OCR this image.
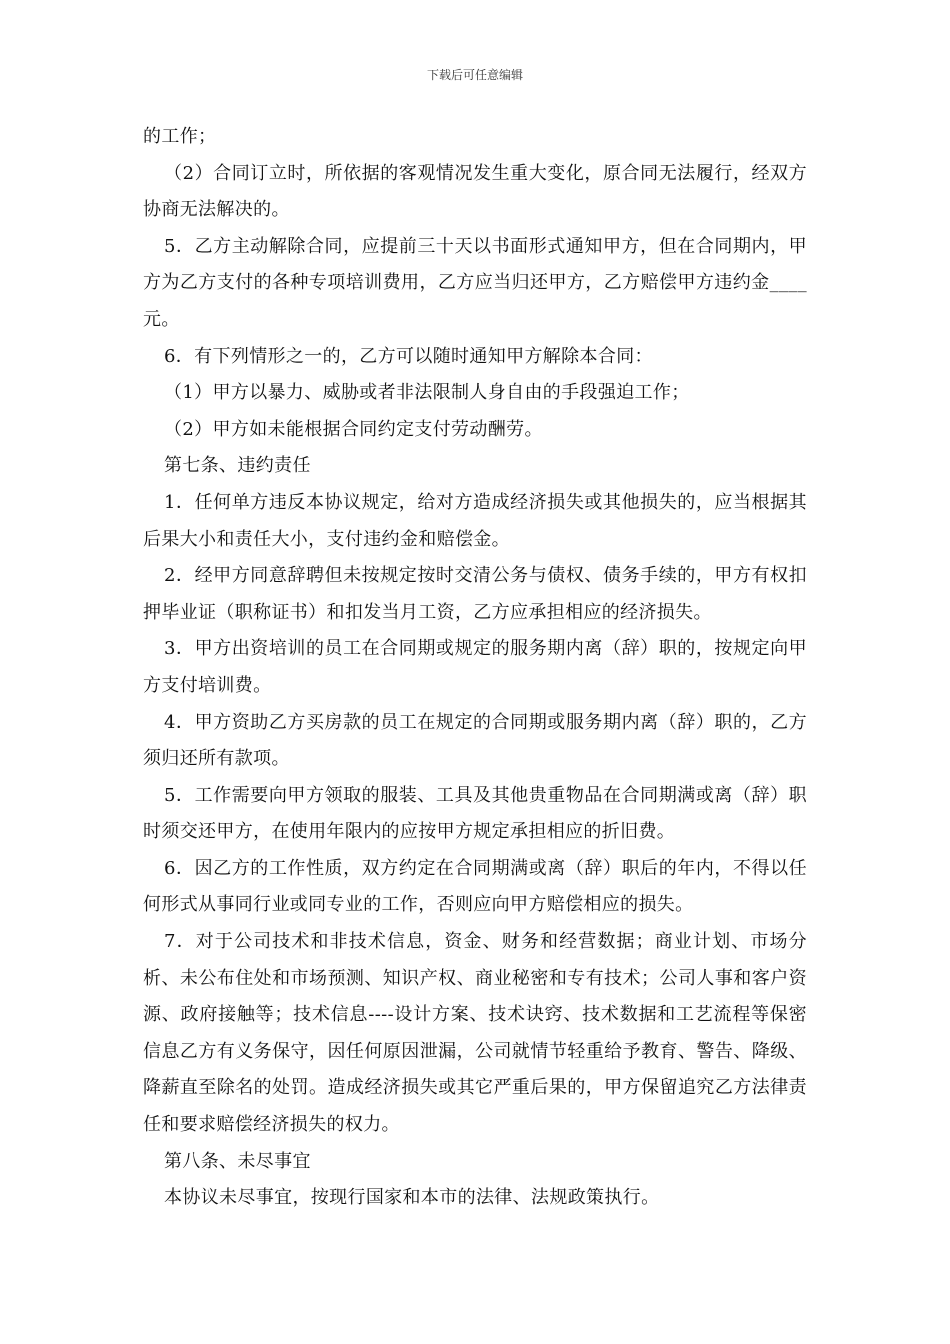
下载后可任意编辑

的工作；

（2）合同订立时，所依据的客观情况发生重大变化，原合同无法履行，经双方协商无法解决的。

5．乙方主动解除合同，应提前三十天以书面形式通知甲方，但在合同期内，甲方为乙方支付的各种专项培训费用，乙方应当归还甲方，乙方赔偿甲方违约金____元。

6．有下列情形之一的，乙方可以随时通知甲方解除本合同：

（1）甲方以暴力、威胁或者非法限制人身自由的手段强迫工作；

（2）甲方如未能根据合同约定支付劳动酬劳。

第七条、违约责任

1．任何单方违反本协议规定，给对方造成经济损失或其他损失的，应当根据其后果大小和责任大小，支付违约金和赔偿金。

2．经甲方同意辞聘但未按规定按时交清公务与债权、债务手续的，甲方有权扣押毕业证（职称证书）和扣发当月工资，乙方应承担相应的经济损失。

3．甲方出资培训的员工在合同期或规定的服务期内离（辞）职的，按规定向甲方支付培训费。

4．甲方资助乙方买房款的员工在规定的合同期或服务期内离（辞）职的，乙方须归还所有款项。

5．工作需要向甲方领取的服装、工具及其他贵重物品在合同期满或离（辞）职时须交还甲方，在使用年限内的应按甲方规定承担相应的折旧费。

6．因乙方的工作性质，双方约定在合同期满或离（辞）职后的年内，不得以任何形式从事同行业或同专业的工作，否则应向甲方赔偿相应的损失。

7．对于公司技术和非技术信息，资金、财务和经营数据；商业计划、市场分析、未公布住处和市场预测、知识产权、商业秘密和专有技术；公司人事和客户资源、政府接触等；技术信息----设计方案、技术诀窍、技术数据和工艺流程等保密信息乙方有义务保守，因任何原因泄漏，公司就情节轻重给予教育、警告、降级、降薪直至除名的处罚。造成经济损失或其它严重后果的，甲方保留追究乙方法律责任和要求赔偿经济损失的权力。

第八条、未尽事宜

本协议未尽事宜，按现行国家和本市的法律、法规政策执行。
